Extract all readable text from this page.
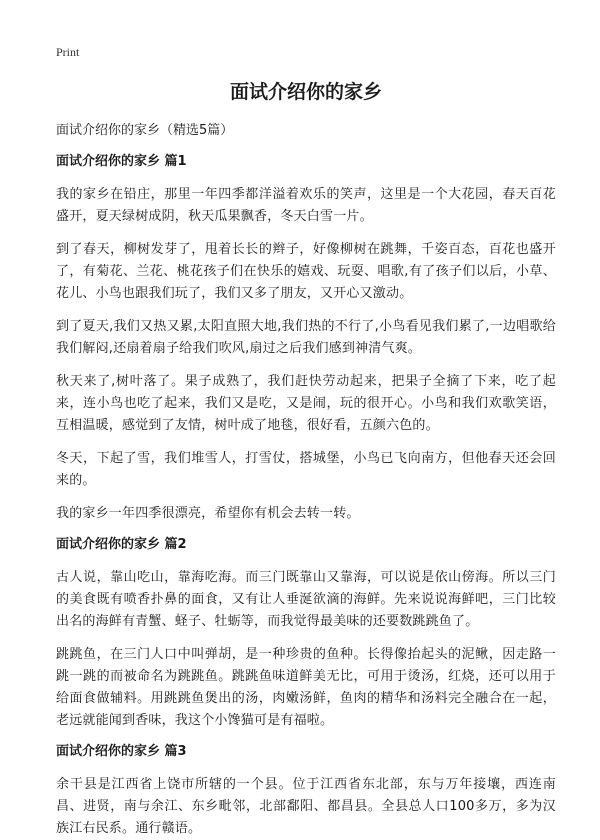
Print
面试介绍你的家乡

面试介绍你的家乡（精选5篇）

面试介绍你的家乡 篇1

我的家乡在铅庄，那里一年四季都洋溢着欢乐的笑声，这里是一个大花园，春天百花盛开，夏天绿树成阴，秋天瓜果飘香，冬天白雪一片。

到了春天，柳树发芽了，甩着长长的辫子，好像柳树在跳舞，千姿百态，百花也盛开了，有菊花、兰花、桃花孩子们在快乐的嬉戏、玩耍、唱歌,有了孩子们以后，小草、花儿、小鸟也跟我们玩了，我们又多了朋友，又开心又激动。

到了夏天,我们又热又累,太阳直照大地,我们热的不行了,小鸟看见我们累了,一边唱歌给我们解闷,还扇着扇子给我们吹风,扇过之后我们感到神清气爽。

秋天来了,树叶落了。果子成熟了，我们赶快劳动起来，把果子全摘了下来，吃了起来，连小鸟也吃了起来，我们又是吃，又是闹，玩的很开心。小鸟和我们欢歌笑语，互相温暖，感觉到了友情，树叶成了地毯，很好看，五颜六色的。

冬天，下起了雪，我们堆雪人，打雪仗，搭城堡，小鸟已飞向南方，但他春天还会回来的。

我的家乡一年四季很漂亮，希望你有机会去转一转。

面试介绍你的家乡 篇2

古人说，靠山吃山，靠海吃海。而三门既靠山又靠海，可以说是依山傍海。所以三门的美食既有喷香扑鼻的面食，又有让人垂涎欲滴的海鲜。先来说说海鲜吧，三门比较出名的海鲜有青蟹、蛏子、牡蛎等，而我觉得最美味的还要数跳跳鱼了。

跳跳鱼，在三门人口中叫弹胡，是一种珍贵的鱼种。长得像抬起头的泥鳅，因走路一跳一跳的而被命名为跳跳鱼。跳跳鱼味道鲜美无比，可用于烫汤，红烧，还可以用于给面食做辅料。用跳跳鱼煲出的汤，肉嫩汤鲜，鱼肉的精华和汤料完全融合在一起，老远就能闻到香味，我这个小馋猫可是有福啦。

面试介绍你的家乡 篇3

余干县是江西省上饶市所辖的一个县。位于江西省东北部，东与万年接壤，西连南昌、进贤，南与余江、东乡毗邻，北部鄱阳、都昌县。全县总人口100多万，多为汉族江右民系。通行赣语。
